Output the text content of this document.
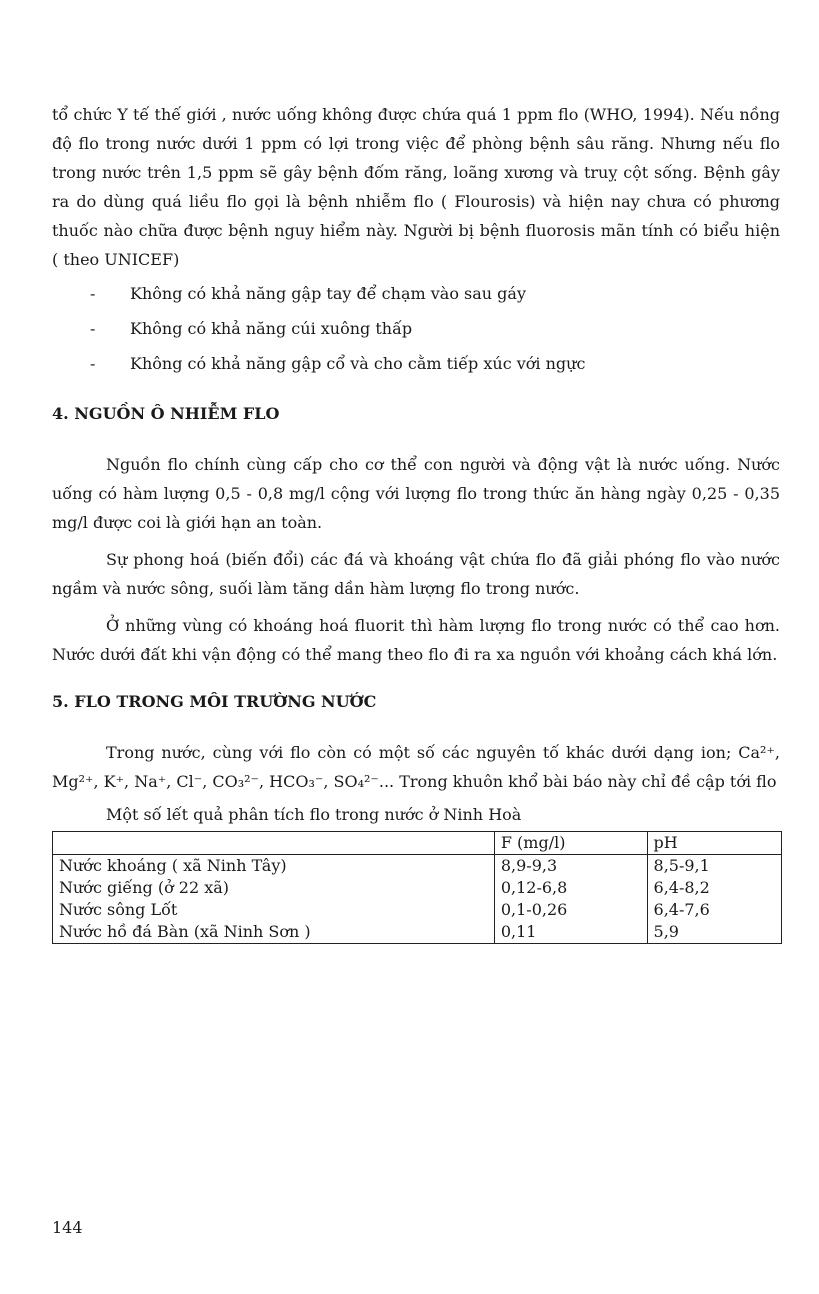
tổ chức Y tế thế giới , nước uống không được chứa quá 1 ppm flo (WHO, 1994). Nếu nồng độ flo trong nước dưới 1 ppm có lợi trong việc để phòng bệnh sâu răng. Nhưng nếu flo trong nước trên 1,5 ppm sẽ gây bệnh đốm răng, loãng xương và truỵ cột sống. Bệnh gây ra do dùng quá liều flo gọi là bệnh nhiễm flo ( Flourosis) và hiện nay chưa có phương thuốc nào chữa được bệnh nguy hiểm này. Người bị bệnh fluorosis mãn tính có biểu hiện ( theo UNICEF)

- Không có khả năng gập tay để chạm vào sau gáy
- Không có khả năng cúi xuông thấp
- Không có khả năng gập cổ và cho cằm tiếp xúc với ngực
4. NGUỒN Ô NHIỄM FLO

Nguồn flo chính cùng cấp cho cơ thể con người và động vật là nước uống. Nước uống có hàm lượng 0,5 - 0,8 mg/l cộng với lượng flo trong thức ăn hàng ngày 0,25 - 0,35 mg/l được coi là giới hạn an toàn.

Sự phong hoá (biến đổi) các đá và khoáng vật chứa flo đã giải phóng flo vào nước ngầm và nước sông, suối làm tăng dần hàm lượng flo trong nước.

Ở những vùng có khoáng hoá fluorit thì hàm lượng flo trong nước có thể cao hơn. Nước dưới đất khi vận động có thể mang theo flo đi ra xa nguồn với khoảng cách khá lớn.

5. FLO TRONG MÔI TRƯỜNG NƯỚC

Trong nước, cùng với flo còn có một số các nguyên tố khác dưới dạng ion; Ca²⁺, Mg²⁺, K⁺, Na⁺, Cl⁻, CO₃²⁻, HCO₃⁻, SO₄²⁻... Trong khuôn khổ bài báo này chỉ đề cập tới flo

Một số lết quả phân tích flo trong nước ở Ninh Hoà
	F (mg/l)	pH
Nước khoáng ( xã Ninh Tây)	8,9-9,3	8,5-9,1
Nước giếng (ở 22 xã)	0,12-6,8	6,4-8,2
Nước sông Lốt	0,1-0,26	6,4-7,6
Nước hồ đá Bàn (xã Ninh Sơn )	0,11	5,9
144
